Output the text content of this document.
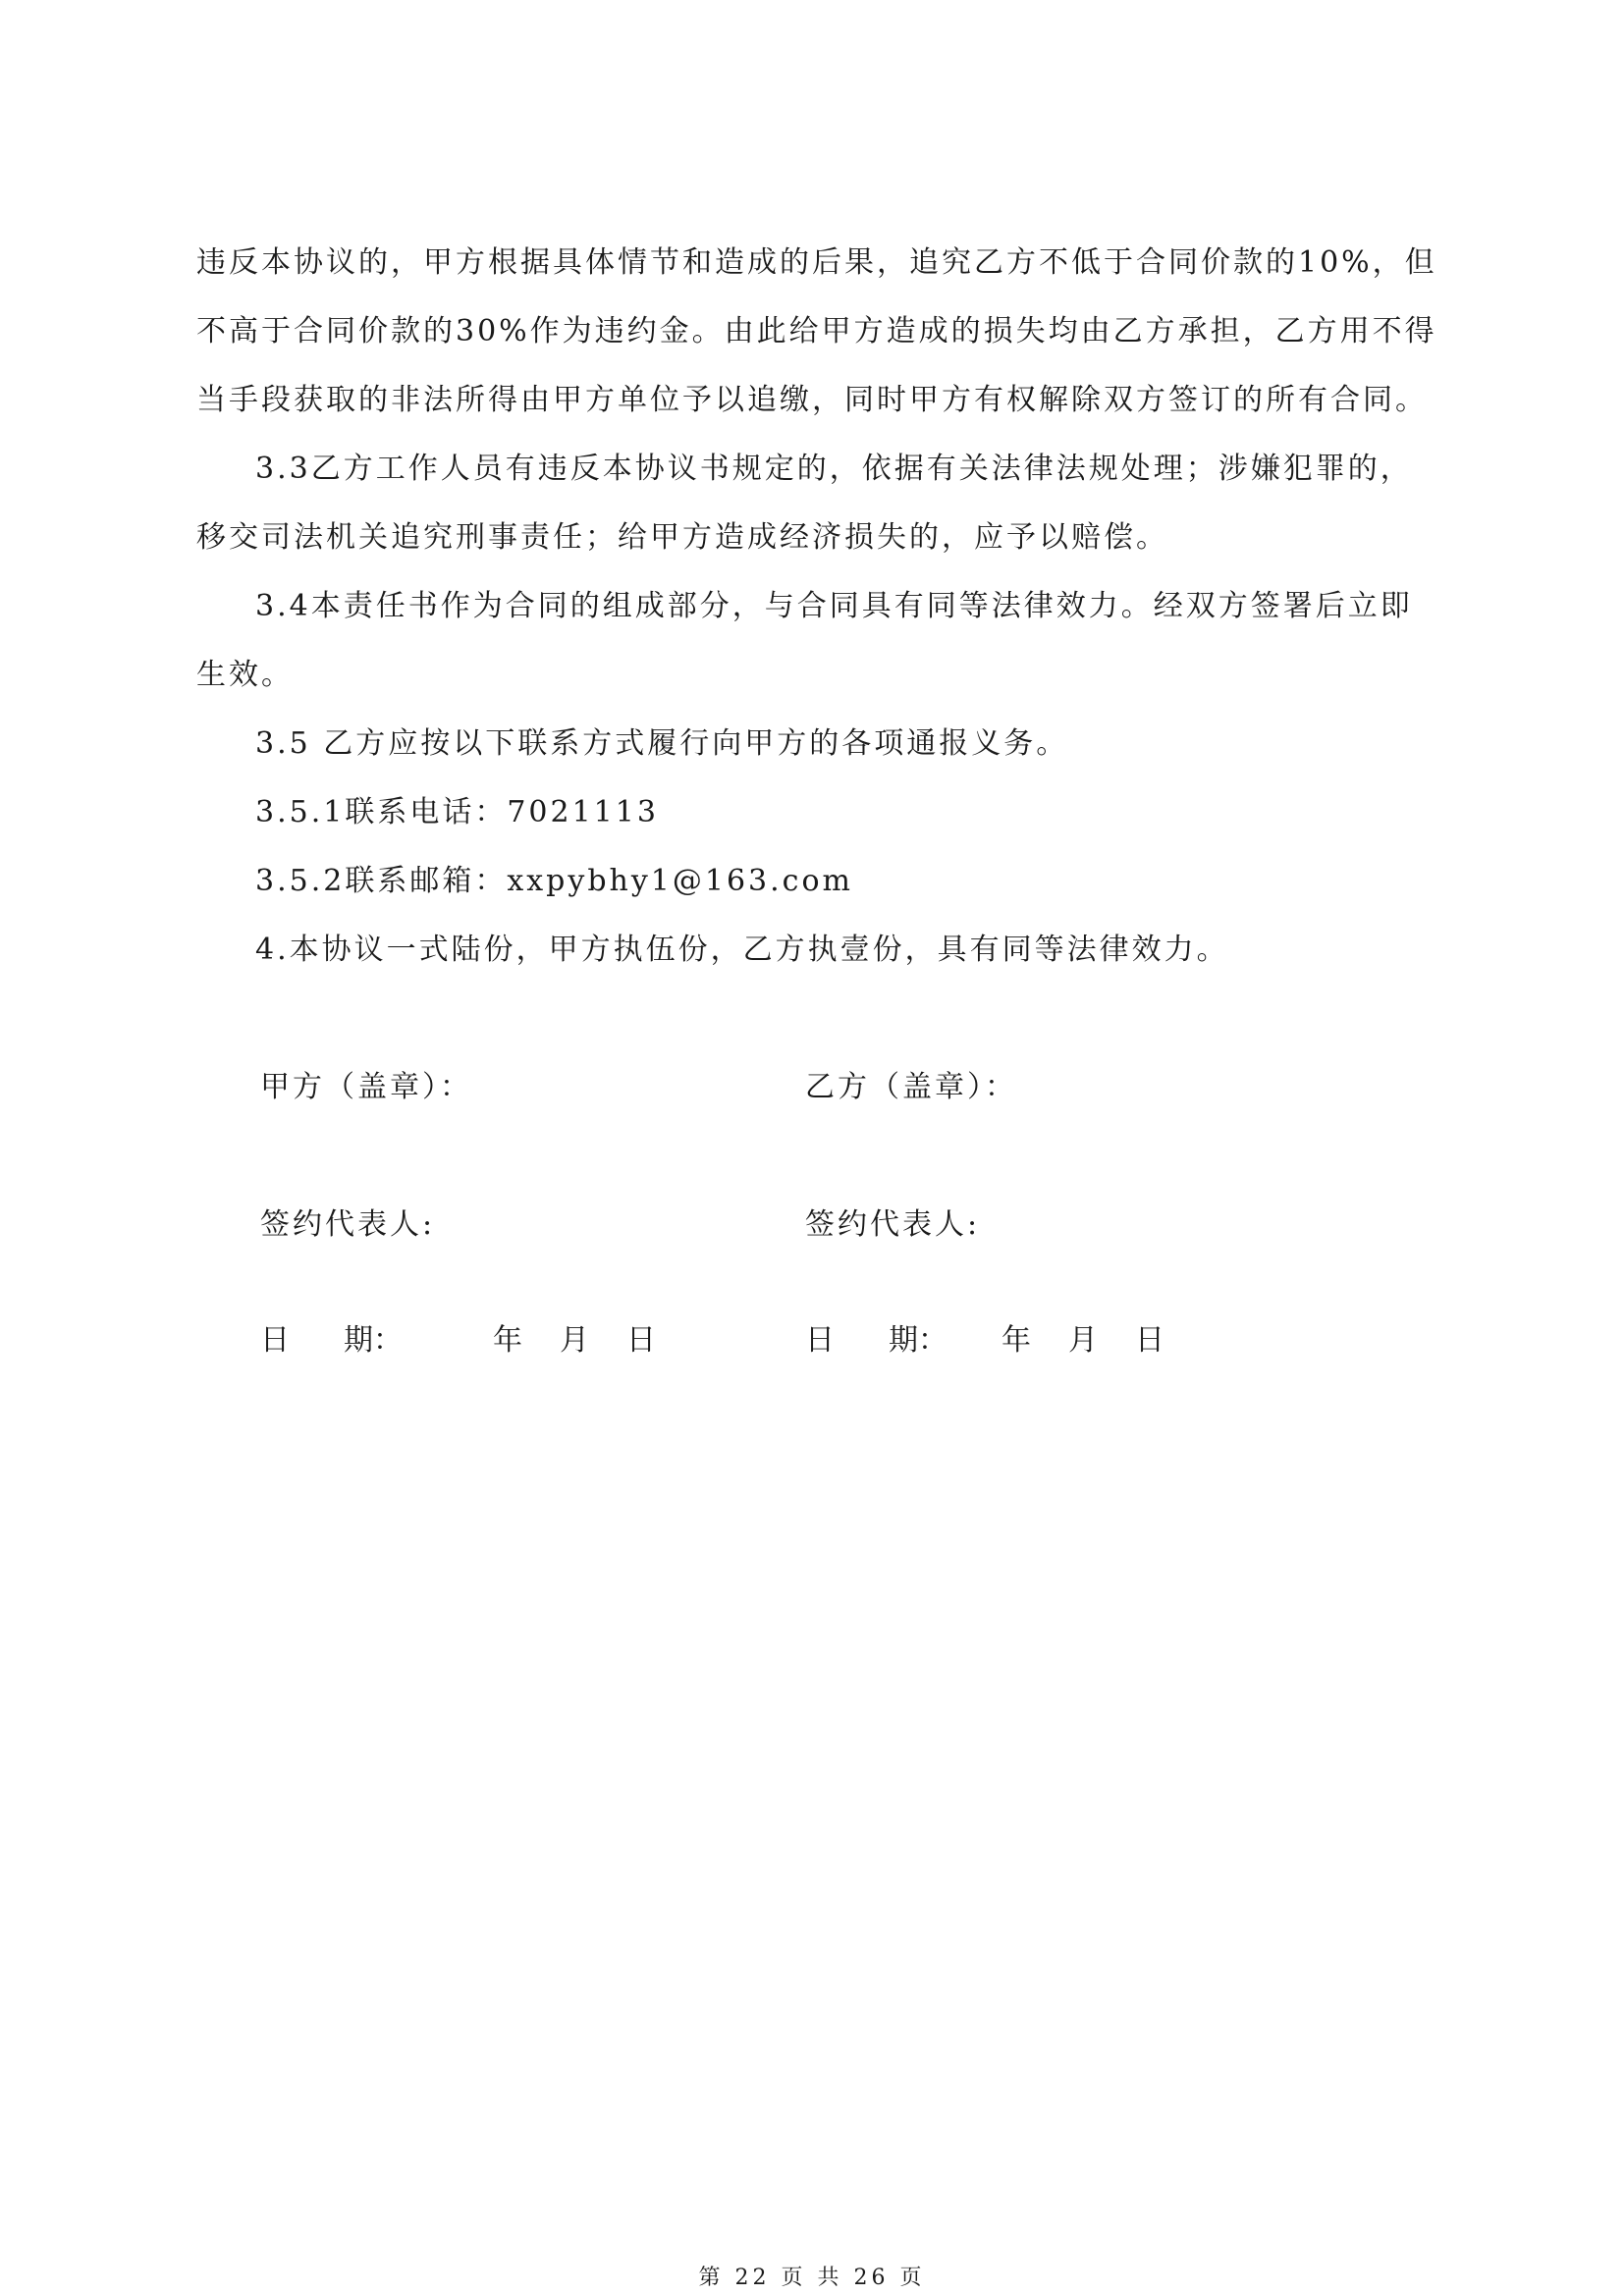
违反本协议的，甲方根据具体情节和造成的后果，追究乙方不低于合同价款的10%，但
不高于合同价款的30%作为违约金。由此给甲方造成的损失均由乙方承担，乙方用不得
当手段获取的非法所得由甲方单位予以追缴，同时甲方有权解除双方签订的所有合同。
3.3乙方工作人员有违反本协议书规定的，依据有关法律法规处理；涉嫌犯罪的，
移交司法机关追究刑事责任；给甲方造成经济损失的，应予以赔偿。
3.4本责任书作为合同的组成部分，与合同具有同等法律效力。经双方签署后立即
生效。
3.5 乙方应按以下联系方式履行向甲方的各项通报义务。
3.5.1联系电话：7021113
3.5.2联系邮箱：xxpybhy1@163.com
4.本协议一式陆份，甲方执伍份，乙方执壹份，具有同等法律效力。
甲方（盖章）：	乙方（盖章）：
签约代表人:	签约代表人:
日 期：	年 月 日	日 期： 年 月 日
第 22 页 共 26 页
